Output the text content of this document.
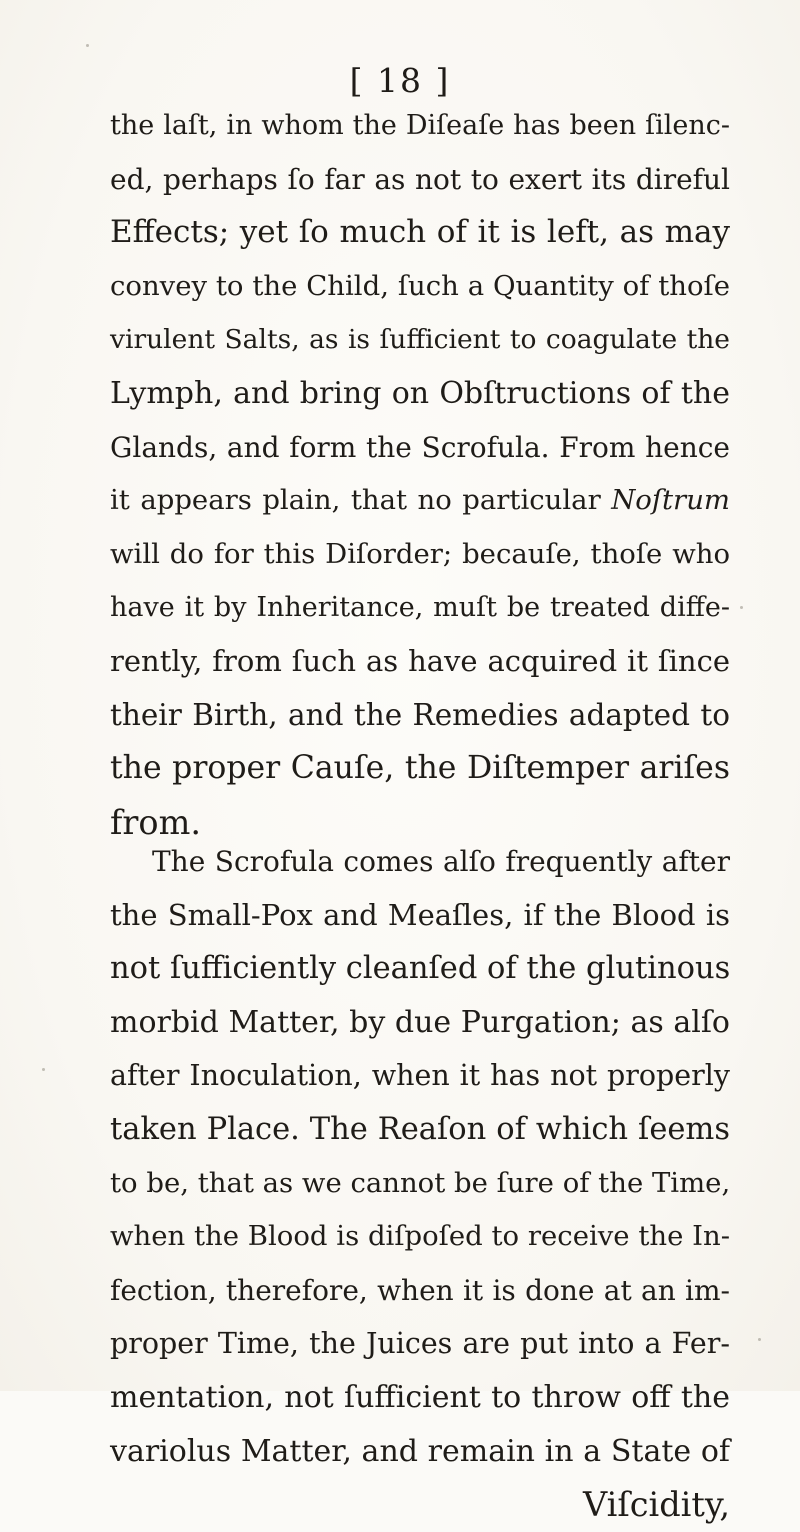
[ 18 ]
the laſt, in whom the Diſeaſe has been ſilenc-
ed, perhaps ſo far as not to exert its direful
Effects; yet ſo much of it is left, as may
convey to the Child, ſuch a Quantity of thoſe
virulent Salts, as is ſufficient to coagulate the
Lymph, and bring on Obſtructions of the
Glands, and form the Scrofula. From hence
it appears plain, that no particular Noſtrum
will do for this Diſorder; becauſe, thoſe who
have it by Inheritance, muſt be treated diffe-
rently, from ſuch as have acquired it ſince
their Birth, and the Remedies adapted to
the proper Cauſe, the Diſtemper ariſes
from.
The Scrofula comes alſo frequently after
the Small-Pox and Meaſles, if the Blood is
not ſufficiently cleanſed of the glutinous
morbid Matter, by due Purgation; as alſo
after Inoculation, when it has not properly
taken Place. The Reaſon of which ſeems
to be, that as we cannot be ſure of the Time,
when the Blood is diſpoſed to receive the In-
fection, therefore, when it is done at an im-
proper Time, the Juices are put into a Fer-
mentation, not ſufficient to throw off the
variolus Matter, and remain in a State of
Viſcidity,
